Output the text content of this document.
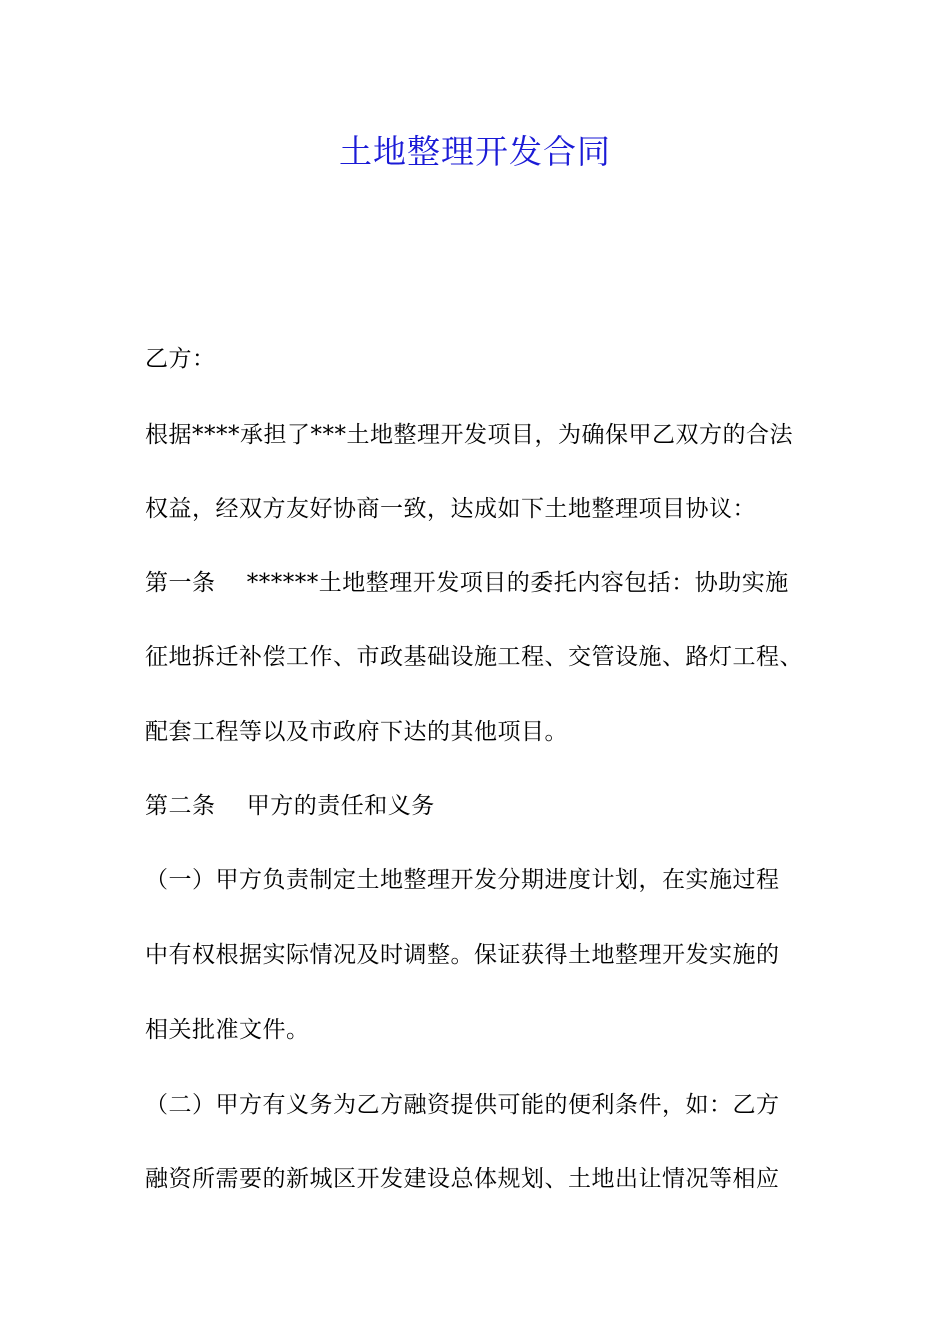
土地整理开发合同
乙方：
根据****承担了***土地整理开发项目，为确保甲乙双方的合法
权益，经双方友好协商一致，达成如下土地整理项目协议：
第一条    ******土地整理开发项目的委托内容包括：协助实施
征地拆迁补偿工作、市政基础设施工程、交管设施、路灯工程、
配套工程等以及市政府下达的其他项目。
第二条    甲方的责任和义务
（一）甲方负责制定土地整理开发分期进度计划，在实施过程
中有权根据实际情况及时调整。保证获得土地整理开发实施的
相关批准文件。
（二）甲方有义务为乙方融资提供可能的便利条件，如：乙方
融资所需要的新城区开发建设总体规划、土地出让情况等相应
